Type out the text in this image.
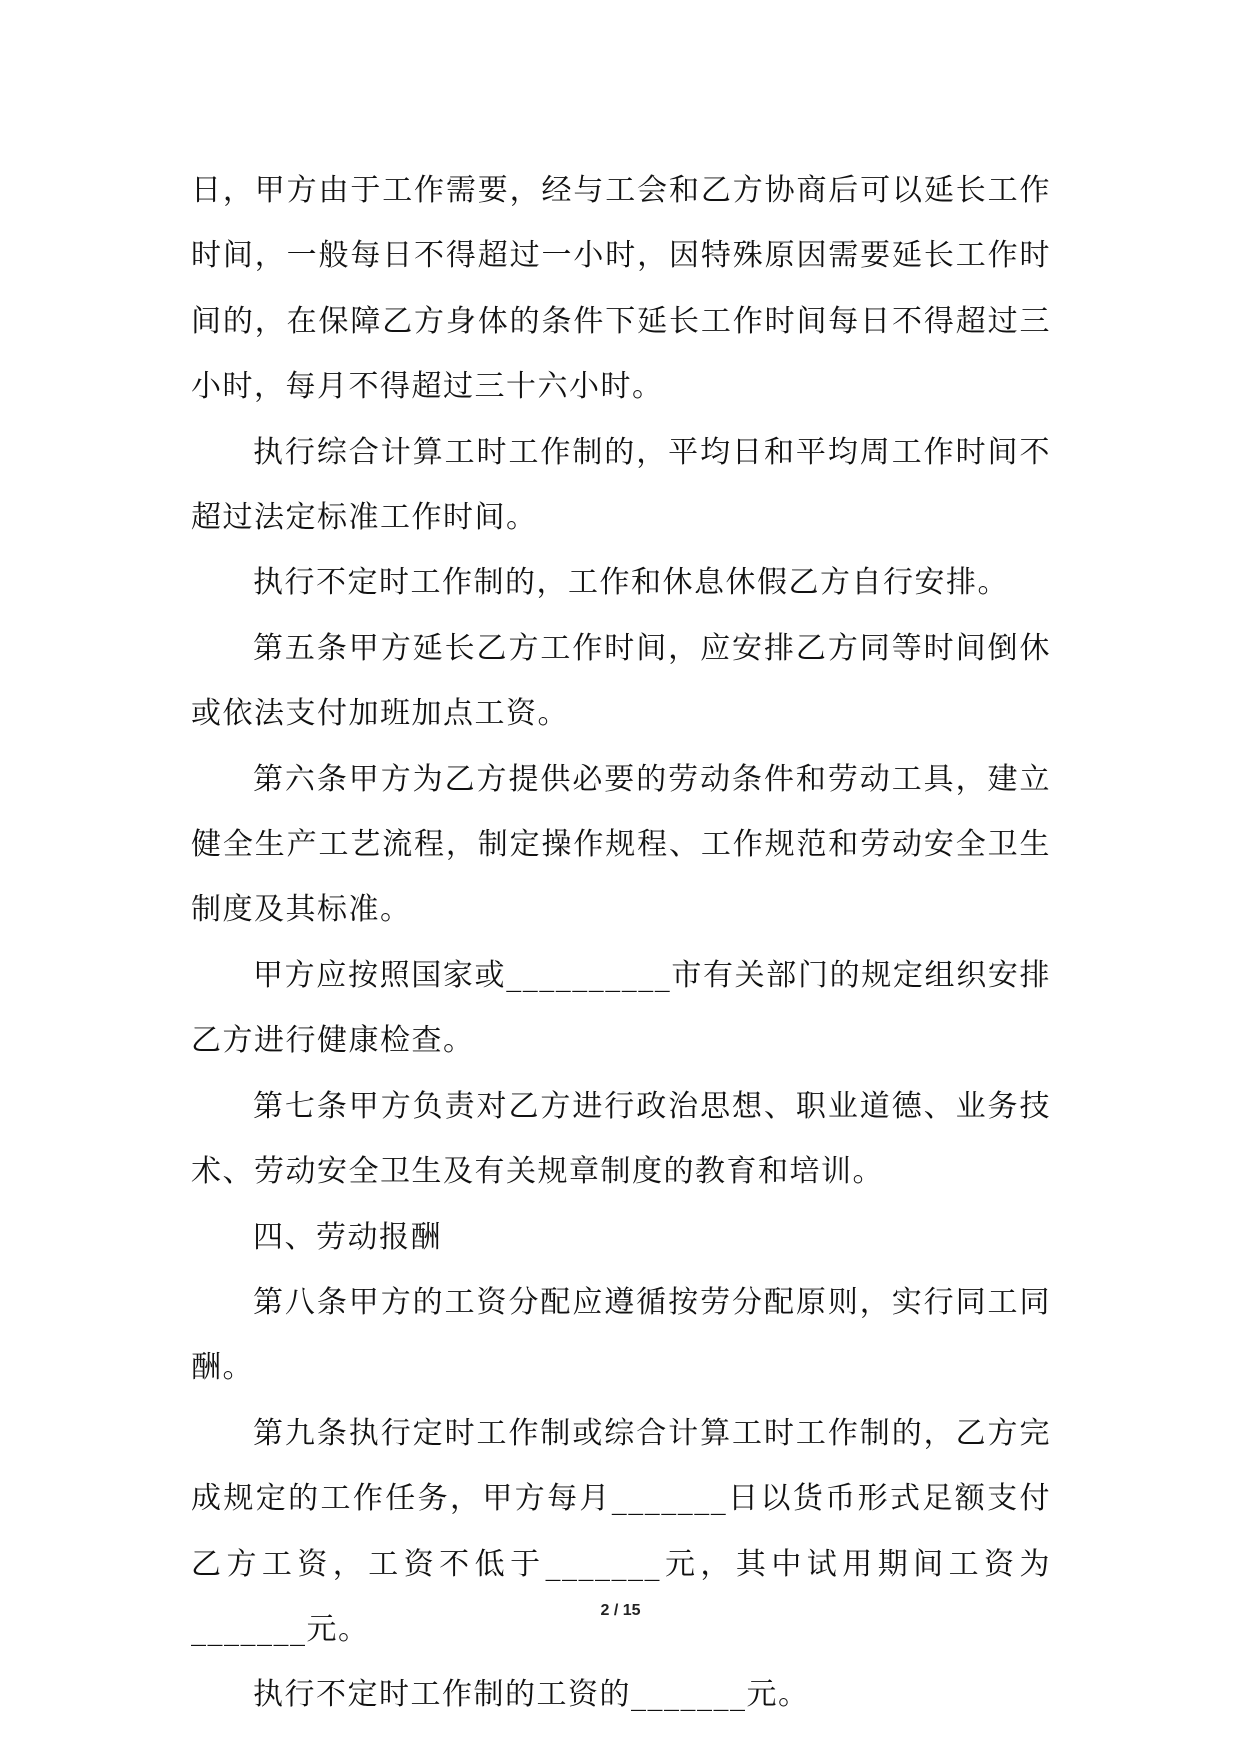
日，甲方由于工作需要，经与工会和乙方协商后可以延长工作时间，一般每日不得超过一小时，因特殊原因需要延长工作时间的，在保障乙方身体的条件下延长工作时间每日不得超过三小时，每月不得超过三十六小时。

执行综合计算工时工作制的，平均日和平均周工作时间不超过法定标准工作时间。

执行不定时工作制的，工作和休息休假乙方自行安排。

第五条甲方延长乙方工作时间，应安排乙方同等时间倒休或依法支付加班加点工资。

第六条甲方为乙方提供必要的劳动条件和劳动工具，建立健全生产工艺流程，制定操作规程、工作规范和劳动安全卫生制度及其标准。

甲方应按照国家或__________市有关部门的规定组织安排乙方进行健康检查。

第七条甲方负责对乙方进行政治思想、职业道德、业务技术、劳动安全卫生及有关规章制度的教育和培训。

四、劳动报酬

第八条甲方的工资分配应遵循按劳分配原则，实行同工同酬。

第九条执行定时工作制或综合计算工时工作制的，乙方完成规定的工作任务，甲方每月_______日以货币形式足额支付乙方工资，工资不低于_______元，其中试用期间工资为_______元。

执行不定时工作制的工资的_______元。

2 / 15
